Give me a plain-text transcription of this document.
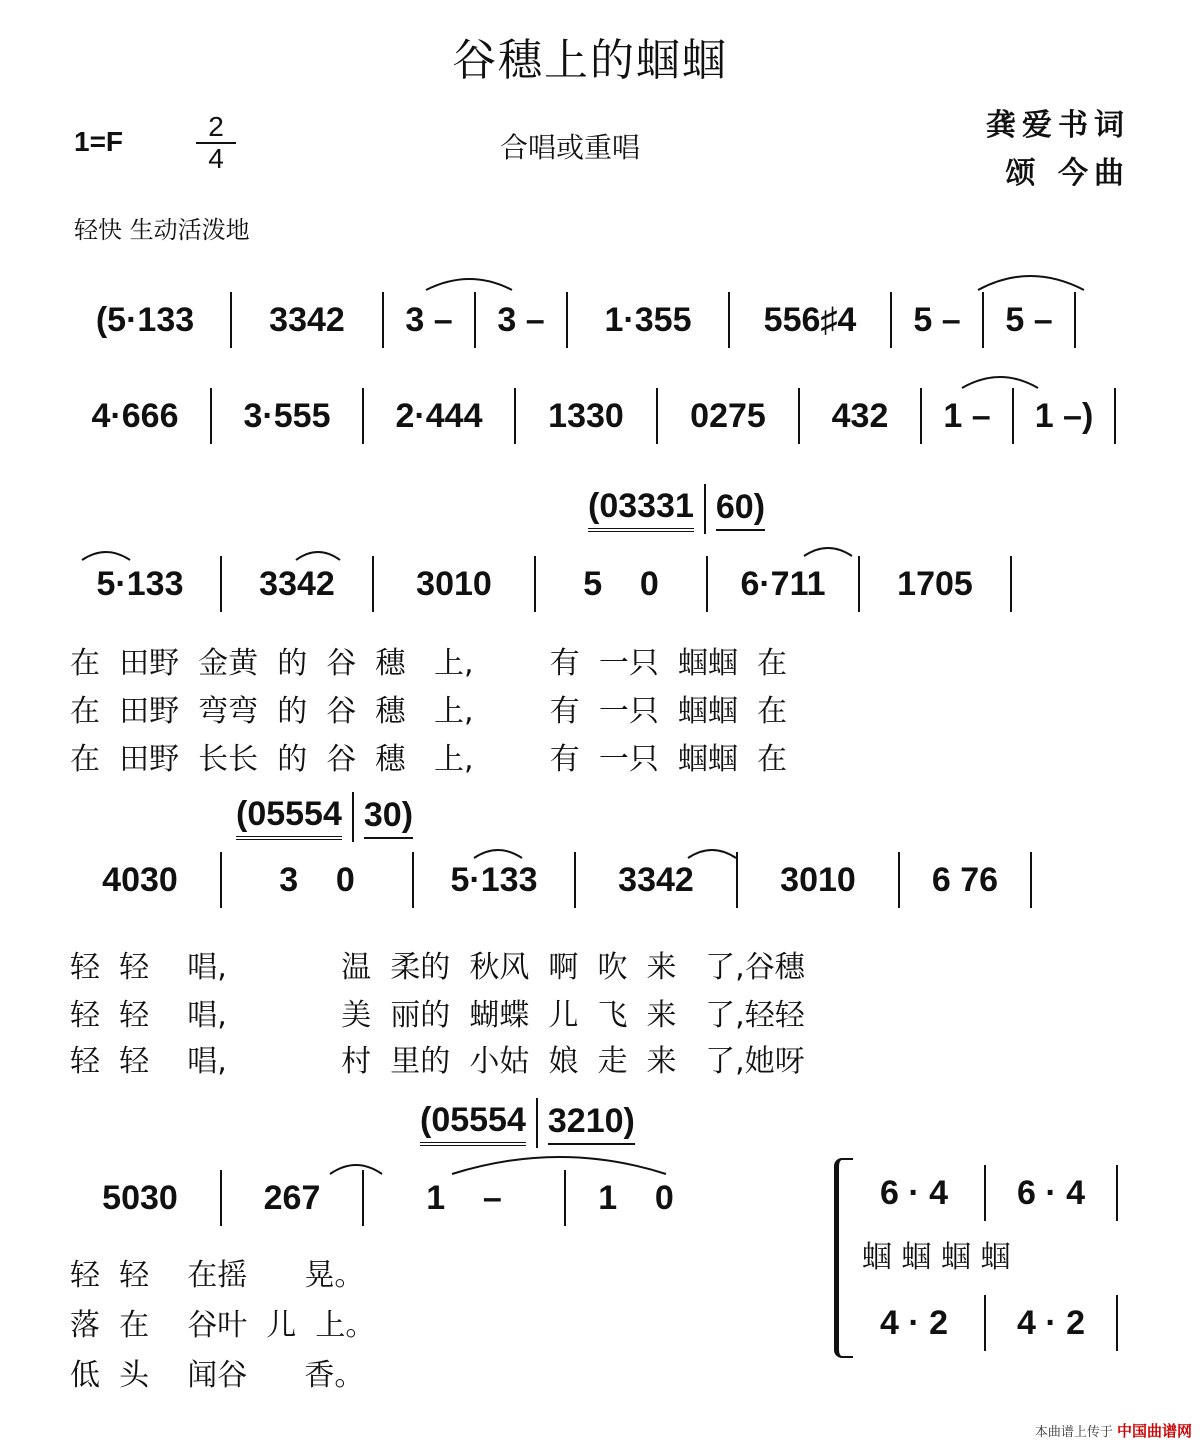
谷穗上的蝈蝈
1=F	$\frac{2}{4}$	合唱或重唱
龚爱书词
颂 今曲
轻快 生动活泼地
(5·133	3342	3 –	3 –	1·355	556♯4	5 –	5 –
4·666	3·555	2·444	1330	0275	432	1 –	1 –)
(03331 60)
5·133	3342	3010	5    0	6·711	1705
在  田野  金黄  的  谷  穗   上,        有  一只  蝈蝈  在
在  田野  弯弯  的  谷  穗   上,        有  一只  蝈蝈  在
在  田野  长长  的  谷  穗   上,        有  一只  蝈蝈  在
(05554 30)
4030	3    0	5·133	3342	3010	6 76
轻  轻    唱,            温  柔的  秋风  啊  吹  来   了,谷穗
轻  轻    唱,            美  丽的  蝴蝶  儿  飞  来   了,轻轻
轻  轻    唱,            村  里的  小姑  娘  走  来   了,她呀
(05554 3210)
5030	267	1    –	1    0
轻  轻    在摇      晃。
落  在    谷叶  儿  上。
低  头    闻谷      香。
6 · 4	6 · 4
蝈 蝈 蝈 蝈
4 · 2	4 · 2
本曲谱上传于 中国曲谱网
